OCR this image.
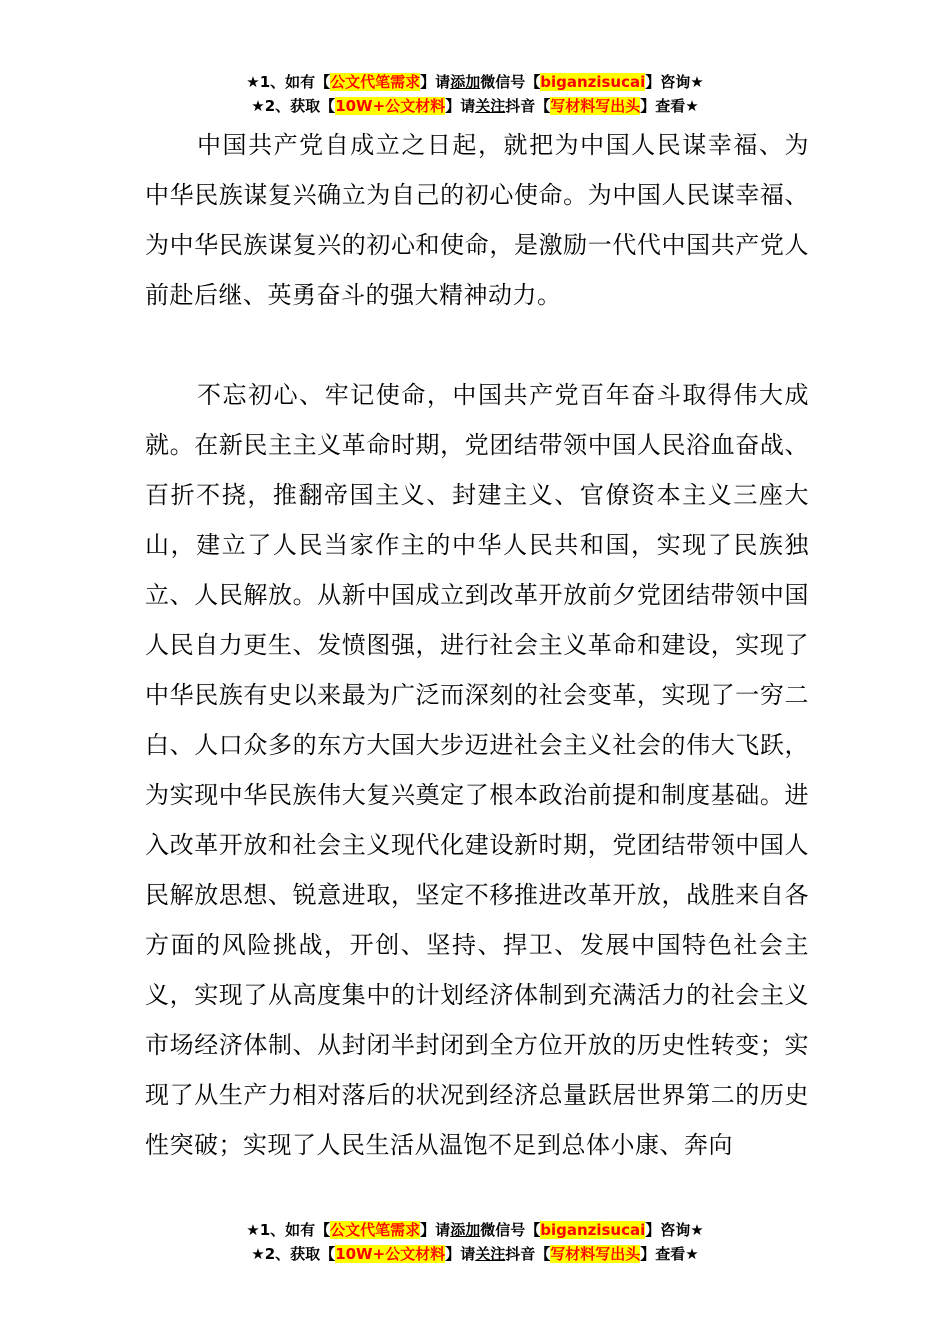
★1、如有【公文代笔需求】请添加微信号【biganzisucai】咨询★
★2、获取【10W+公文材料】请关注抖音【写材料写出头】查看★

中国共产党自成立之日起，就把为中国人民谋幸福、为中华民族谋复兴确立为自己的初心使命。为中国人民谋幸福、为中华民族谋复兴的初心和使命，是激励一代代中国共产党人前赴后继、英勇奋斗的强大精神动力。

不忘初心、牢记使命，中国共产党百年奋斗取得伟大成就。在新民主主义革命时期，党团结带领中国人民浴血奋战、百折不挠，推翻帝国主义、封建主义、官僚资本主义三座大山，建立了人民当家作主的中华人民共和国，实现了民族独立、人民解放。从新中国成立到改革开放前夕党团结带领中国人民自力更生、发愤图强，进行社会主义革命和建设，实现了中华民族有史以来最为广泛而深刻的社会变革，实现了一穷二白、人口众多的东方大国大步迈进社会主义社会的伟大飞跃，为实现中华民族伟大复兴奠定了根本政治前提和制度基础。进入改革开放和社会主义现代化建设新时期，党团结带领中国人民解放思想、锐意进取，坚定不移推进改革开放，战胜来自各方面的风险挑战，开创、坚持、捍卫、发展中国特色社会主义，实现了从高度集中的计划经济体制到充满活力的社会主义市场经济体制、从封闭半封闭到全方位开放的历史性转变；实现了从生产力相对落后的状况到经济总量跃居世界第二的历史性突破；实现了人民生活从温饱不足到总体小康、奔向

★1、如有【公文代笔需求】请添加微信号【biganzisucai】咨询★
★2、获取【10W+公文材料】请关注抖音【写材料写出头】查看★
